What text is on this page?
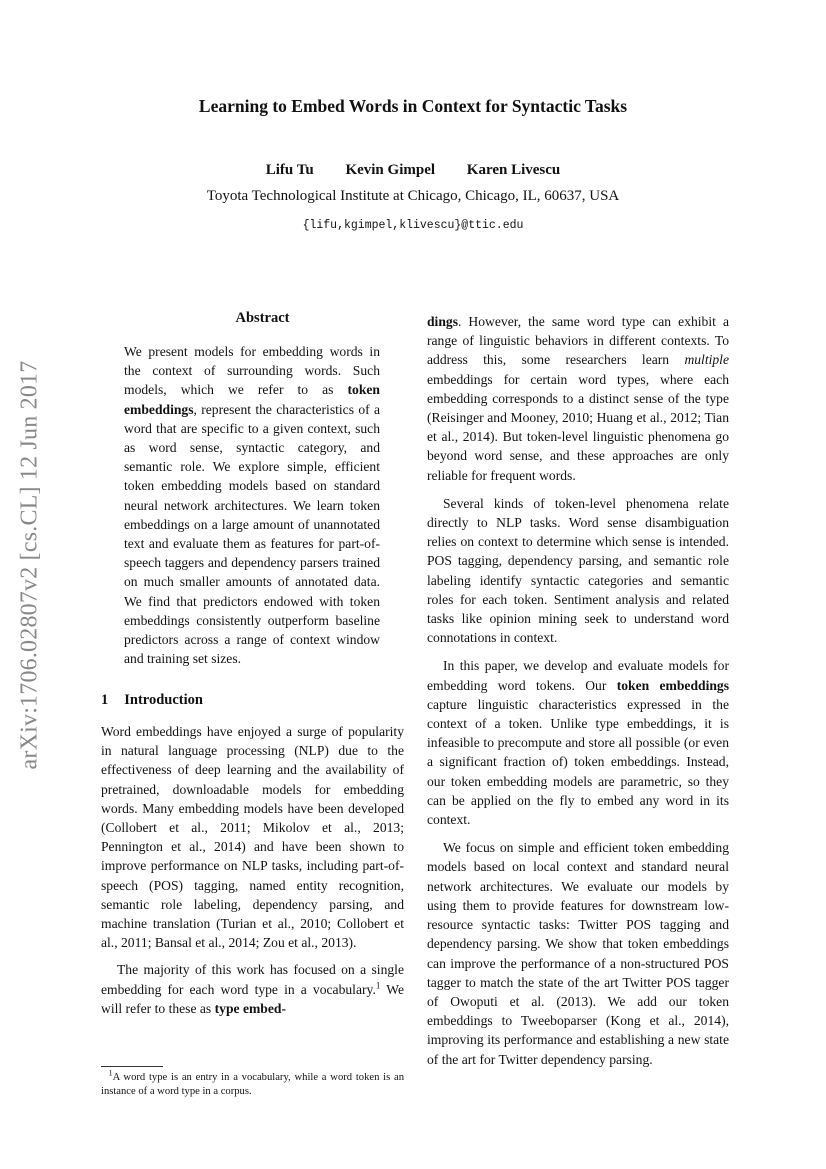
arXiv:1706.02807v2 [cs.CL] 12 Jun 2017
Learning to Embed Words in Context for Syntactic Tasks
Lifu Tu Kevin Gimpel Karen Livescu
Toyota Technological Institute at Chicago, Chicago, IL, 60637, USA
{lifu,kgimpel,klivescu}@ttic.edu
Abstract

We present models for embedding words in the context of surrounding words. Such models, which we refer to as token embeddings, represent the characteristics of a word that are specific to a given context, such as word sense, syntactic category, and semantic role. We explore simple, efficient token embedding models based on standard neural network architectures. We learn token embeddings on a large amount of unannotated text and evaluate them as features for part-of-speech taggers and dependency parsers trained on much smaller amounts of annotated data. We find that predictors endowed with token embeddings consistently outperform baseline predictors across a range of context window and training set sizes.

1 Introduction

Word embeddings have enjoyed a surge of popularity in natural language processing (NLP) due to the effectiveness of deep learning and the availability of pretrained, downloadable models for embedding words. Many embedding models have been developed (Collobert et al., 2011; Mikolov et al., 2013; Pennington et al., 2014) and have been shown to improve performance on NLP tasks, including part-of-speech (POS) tagging, named entity recognition, semantic role labeling, dependency parsing, and machine translation (Turian et al., 2010; Collobert et al., 2011; Bansal et al., 2014; Zou et al., 2013).

The majority of this work has focused on a single embedding for each word type in a vocabulary.$^1$ We will refer to these as type embed-

$^1$A word type is an entry in a vocabulary, while a word token is an instance of a word type in a corpus.

dings. However, the same word type can exhibit a range of linguistic behaviors in different contexts. To address this, some researchers learn multiple embeddings for certain word types, where each embedding corresponds to a distinct sense of the type (Reisinger and Mooney, 2010; Huang et al., 2012; Tian et al., 2014). But token-level linguistic phenomena go beyond word sense, and these approaches are only reliable for frequent words.

Several kinds of token-level phenomena relate directly to NLP tasks. Word sense disambiguation relies on context to determine which sense is intended. POS tagging, dependency parsing, and semantic role labeling identify syntactic categories and semantic roles for each token. Sentiment analysis and related tasks like opinion mining seek to understand word connotations in context.

In this paper, we develop and evaluate models for embedding word tokens. Our token embeddings capture linguistic characteristics expressed in the context of a token. Unlike type embeddings, it is infeasible to precompute and store all possible (or even a significant fraction of) token embeddings. Instead, our token embedding models are parametric, so they can be applied on the fly to embed any word in its context.

We focus on simple and efficient token embedding models based on local context and standard neural network architectures. We evaluate our models by using them to provide features for downstream low-resource syntactic tasks: Twitter POS tagging and dependency parsing. We show that token embeddings can improve the performance of a non-structured POS tagger to match the state of the art Twitter POS tagger of Owoputi et al. (2013). We add our token embeddings to Tweeboparser (Kong et al., 2014), improving its performance and establishing a new state of the art for Twitter dependency parsing.
